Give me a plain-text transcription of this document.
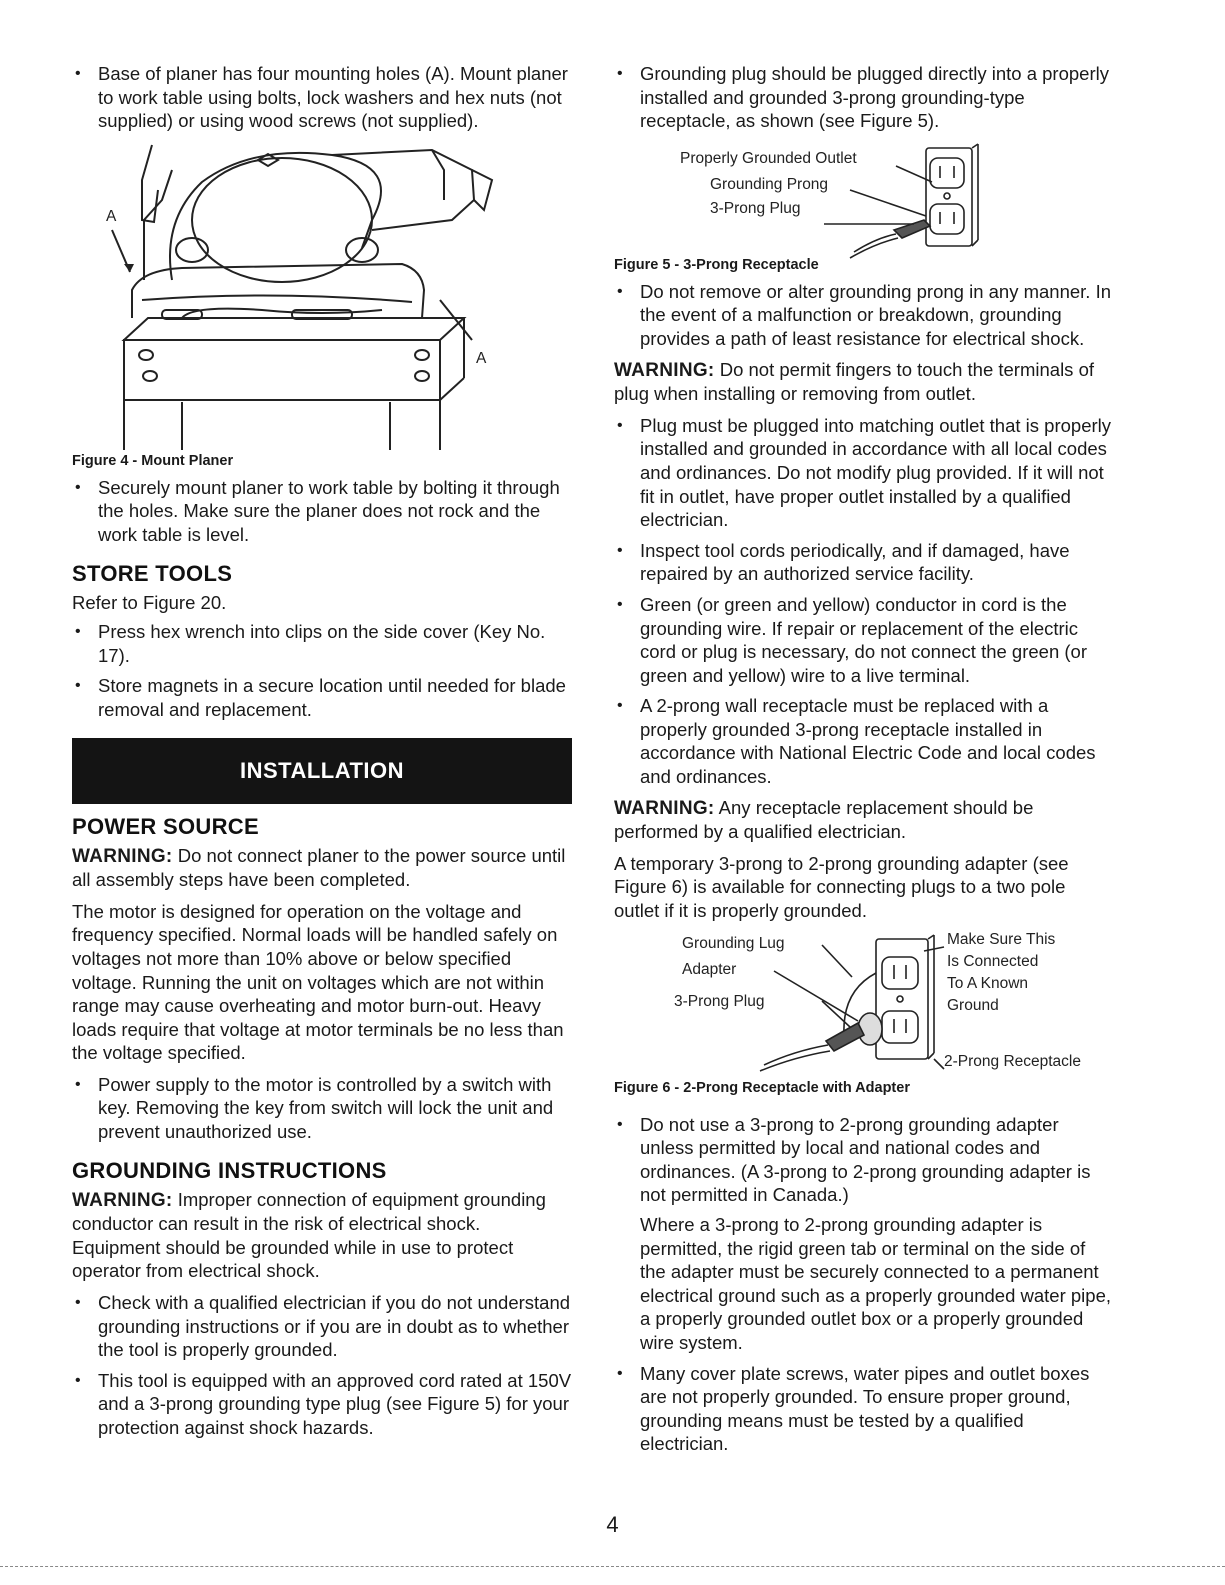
• Base of planer has four mounting holes (A). Mount planer to work table using bolts, lock washers and hex nuts (not supplied) or using wood screws (not supplied).
A
A
Figure 4 - Mount Planer
• Securely mount planer to work table by bolting it through the holes. Make sure the planer does not rock and the work table is level.
STORE TOOLS

Refer to Figure 20.

• Press hex wrench into clips on the side cover (Key No. 17).
• Store magnets in a secure location until needed for blade removal and replacement.
INSTALLATION
POWER SOURCE

WARNING: Do not connect planer to the power source until all assembly steps have been completed.

The motor is designed for operation on the voltage and frequency specified. Normal loads will be handled safely on voltages not more than 10% above or below specified voltage. Running the unit on voltages which are not within range may cause overheating and motor burn-out. Heavy loads require that voltage at motor terminals be no less than the voltage specified.

• Power supply to the motor is controlled by a switch with key. Removing the key from switch will lock the unit and prevent unauthorized use.
GROUNDING INSTRUCTIONS

WARNING: Improper connection of equipment grounding conductor can result in the risk of electrical shock. Equipment should be grounded while in use to protect operator from electrical shock.

• Check with a qualified electrician if you do not understand grounding instructions or if you are in doubt as to whether the tool is properly grounded.
• This tool is equipped with an approved cord rated at 150V and a 3-prong grounding type plug (see Figure 5) for your protection against shock hazards.
• Grounding plug should be plugged directly into a properly installed and grounded 3-prong grounding-type receptacle, as shown (see Figure 5).
Properly Grounded Outlet
Grounding Prong
3-Prong Plug
Figure 5 - 3-Prong Receptacle
• Do not remove or alter grounding prong in any manner. In the event of a malfunction or breakdown, grounding provides a path of least resistance for electrical shock.

WARNING: Do not permit fingers to touch the terminals of plug when installing or removing from outlet.

• Plug must be plugged into matching outlet that is properly installed and grounded in accordance with all local codes and ordinances. Do not modify plug provided. If it will not fit in outlet, have proper outlet installed by a qualified electrician.
• Inspect tool cords periodically, and if damaged, have repaired by an authorized service facility.
• Green (or green and yellow) conductor in cord is the grounding wire. If repair or replacement of the electric cord or plug is necessary, do not connect the green (or green and yellow) wire to a live terminal.
• A 2-prong wall receptacle must be replaced with a properly grounded 3-prong receptacle installed in accordance with National Electric Code and local codes and ordinances.

WARNING: Any receptacle replacement should be performed by a qualified electrician.

A temporary 3-prong to 2-prong grounding adapter (see Figure 6) is available for connecting plugs to a two pole outlet if it is properly grounded.

Grounding Lug
Adapter
3-Prong Plug
Make Sure This
Is Connected
To A Known
Ground
2-Prong Receptacle
Figure 6 - 2-Prong Receptacle with Adapter
• Do not use a 3-prong to 2-prong grounding adapter unless permitted by local and national codes and ordinances. (A 3-prong to 2-prong grounding adapter is not permitted in Canada.)
Where a 3-prong to 2-prong grounding adapter is permitted, the rigid green tab or terminal on the side of the adapter must be securely connected to a permanent electrical ground such as a properly grounded water pipe, a properly grounded outlet box or a properly grounded wire system.
• Many cover plate screws, water pipes and outlet boxes are not properly grounded. To ensure proper ground, grounding means must be tested by a qualified electrician.
4
